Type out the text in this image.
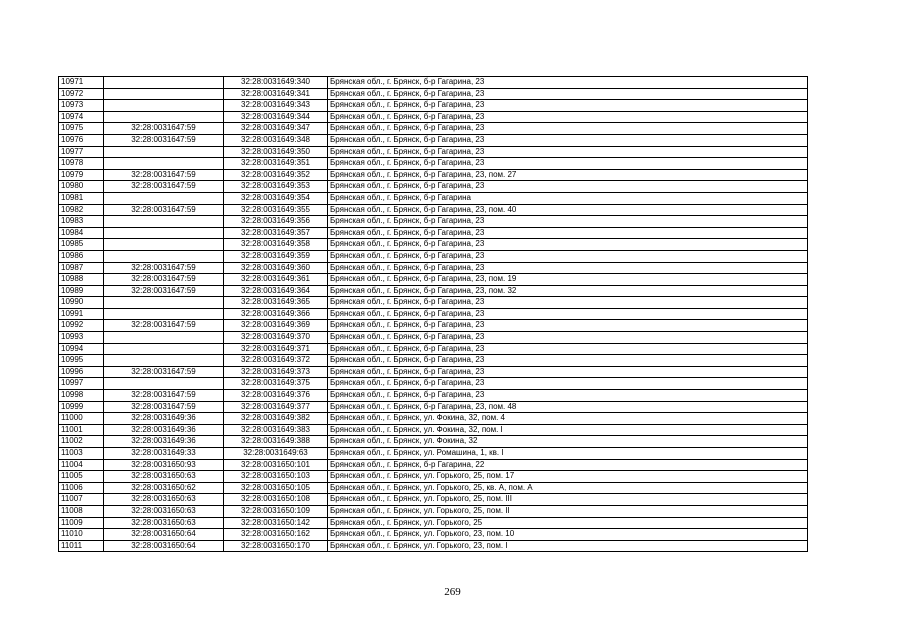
10971		32:28:0031649:340	Брянская обл., г. Брянск, б-р Гагарина, 23
10972		32:28:0031649:341	Брянская обл., г. Брянск, б-р Гагарина, 23
10973		32:28:0031649:343	Брянская обл., г. Брянск, б-р Гагарина, 23
10974		32:28:0031649:344	Брянская обл., г. Брянск, б-р Гагарина, 23
10975	32:28:0031647:59	32:28:0031649:347	Брянская обл., г. Брянск, б-р Гагарина, 23
10976	32:28:0031647:59	32:28:0031649:348	Брянская обл., г. Брянск, б-р Гагарина, 23
10977		32:28:0031649:350	Брянская обл., г. Брянск, б-р Гагарина, 23
10978		32:28:0031649:351	Брянская обл., г. Брянск, б-р Гагарина, 23
10979	32:28:0031647:59	32:28:0031649:352	Брянская обл., г. Брянск, б-р Гагарина, 23, пом. 27
10980	32:28:0031647:59	32:28:0031649:353	Брянская обл., г. Брянск, б-р Гагарина, 23
10981		32:28:0031649:354	Брянская обл., г. Брянск, б-р Гагарина
10982	32:28:0031647:59	32:28:0031649:355	Брянская обл., г. Брянск, б-р Гагарина, 23, пом. 40
10983		32:28:0031649:356	Брянская обл., г. Брянск, б-р Гагарина, 23
10984		32:28:0031649:357	Брянская обл., г. Брянск, б-р Гагарина, 23
10985		32:28:0031649:358	Брянская обл., г. Брянск, б-р Гагарина, 23
10986		32:28:0031649:359	Брянская обл., г. Брянск, б-р Гагарина, 23
10987	32:28:0031647:59	32:28:0031649:360	Брянская обл., г. Брянск, б-р Гагарина, 23
10988	32:28:0031647:59	32:28:0031649:361	Брянская обл., г. Брянск, б-р Гагарина, 23, пом. 19
10989	32:28:0031647:59	32:28:0031649:364	Брянская обл., г. Брянск, б-р Гагарина, 23, пом. 32
10990		32:28:0031649:365	Брянская обл., г. Брянск, б-р Гагарина, 23
10991		32:28:0031649:366	Брянская обл., г. Брянск, б-р Гагарина, 23
10992	32:28:0031647:59	32:28:0031649:369	Брянская обл., г. Брянск, б-р Гагарина, 23
10993		32:28:0031649:370	Брянская обл., г. Брянск, б-р Гагарина, 23
10994		32:28:0031649:371	Брянская обл., г. Брянск, б-р Гагарина, 23
10995		32:28:0031649:372	Брянская обл., г. Брянск, б-р Гагарина, 23
10996	32:28:0031647:59	32:28:0031649:373	Брянская обл., г. Брянск, б-р Гагарина, 23
10997		32:28:0031649:375	Брянская обл., г. Брянск, б-р Гагарина, 23
10998	32:28:0031647:59	32:28:0031649:376	Брянская обл., г. Брянск, б-р Гагарина, 23
10999	32:28:0031647:59	32:28:0031649:377	Брянская обл., г. Брянск, б-р Гагарина, 23, пом. 48
11000	32:28:0031649:36	32:28:0031649:382	Брянская обл., г. Брянск, ул. Фокина, 32, пом. 4
11001	32:28:0031649:36	32:28:0031649:383	Брянская обл., г. Брянск, ул. Фокина, 32, пом. I
11002	32:28:0031649:36	32:28:0031649:388	Брянская обл., г. Брянск, ул. Фокина, 32
11003	32:28:0031649:33	32:28:0031649:63	Брянская обл., г. Брянск, ул. Ромашина, 1, кв. I
11004	32:28:0031650:93	32:28:0031650:101	Брянская обл., г. Брянск, б-р Гагарина, 22
11005	32:28:0031650:63	32:28:0031650:103	Брянская обл., г. Брянск, ул. Горького, 25, пом. 17
11006	32:28:0031650:62	32:28:0031650:105	Брянская обл., г. Брянск, ул. Горького, 25, кв. А, пом. А
11007	32:28:0031650:63	32:28:0031650:108	Брянская обл., г. Брянск, ул. Горького, 25, пом. III
11008	32:28:0031650:63	32:28:0031650:109	Брянская обл., г. Брянск, ул. Горького, 25, пом. II
11009	32:28:0031650:63	32:28:0031650:142	Брянская обл., г. Брянск, ул. Горького, 25
11010	32:28:0031650:64	32:28:0031650:162	Брянская обл., г. Брянск, ул. Горького, 23, пом. 10
11011	32:28:0031650:64	32:28:0031650:170	Брянская обл., г. Брянск, ул. Горького, 23, пом. I
269
